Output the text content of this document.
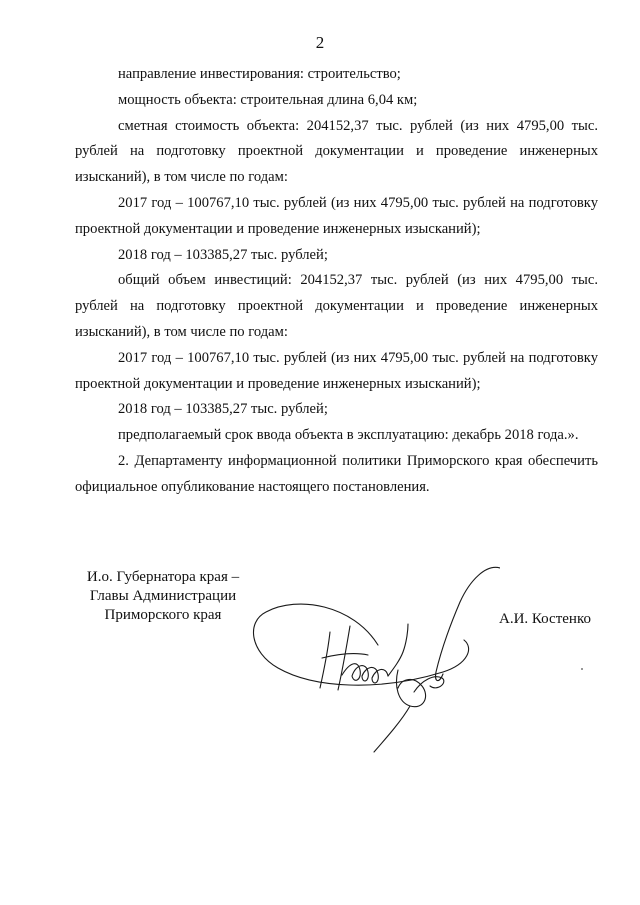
2

направление инвестирования: строительство;

мощность объекта: строительная длина 6,04 км;

сметная стоимость объекта: 204152,37 тыс. рублей (из них 4795,00 тыс. рублей на подготовку проектной документации и проведение инженерных изысканий), в том числе по годам:

2017 год – 100767,10 тыс. рублей (из них 4795,00 тыс. рублей на подготовку проектной документации и проведение инженерных изысканий);

2018 год – 103385,27 тыс. рублей;

общий объем инвестиций: 204152,37 тыс. рублей (из них 4795,00 тыс. рублей на подготовку проектной документации и проведение инженерных изысканий), в том числе по годам:

2017 год – 100767,10 тыс. рублей (из них 4795,00 тыс. рублей на подготовку проектной документации и проведение инженерных изысканий);

2018 год – 103385,27 тыс. рублей;

предполагаемый срок ввода объекта в эксплуатацию: декабрь 2018 года.».

2. Департаменту информационной политики Приморского края обеспечить официальное опубликование настоящего постановления.

И.о. Губернатора края –
Главы Администрации
Приморского края	А.И. Костенко
